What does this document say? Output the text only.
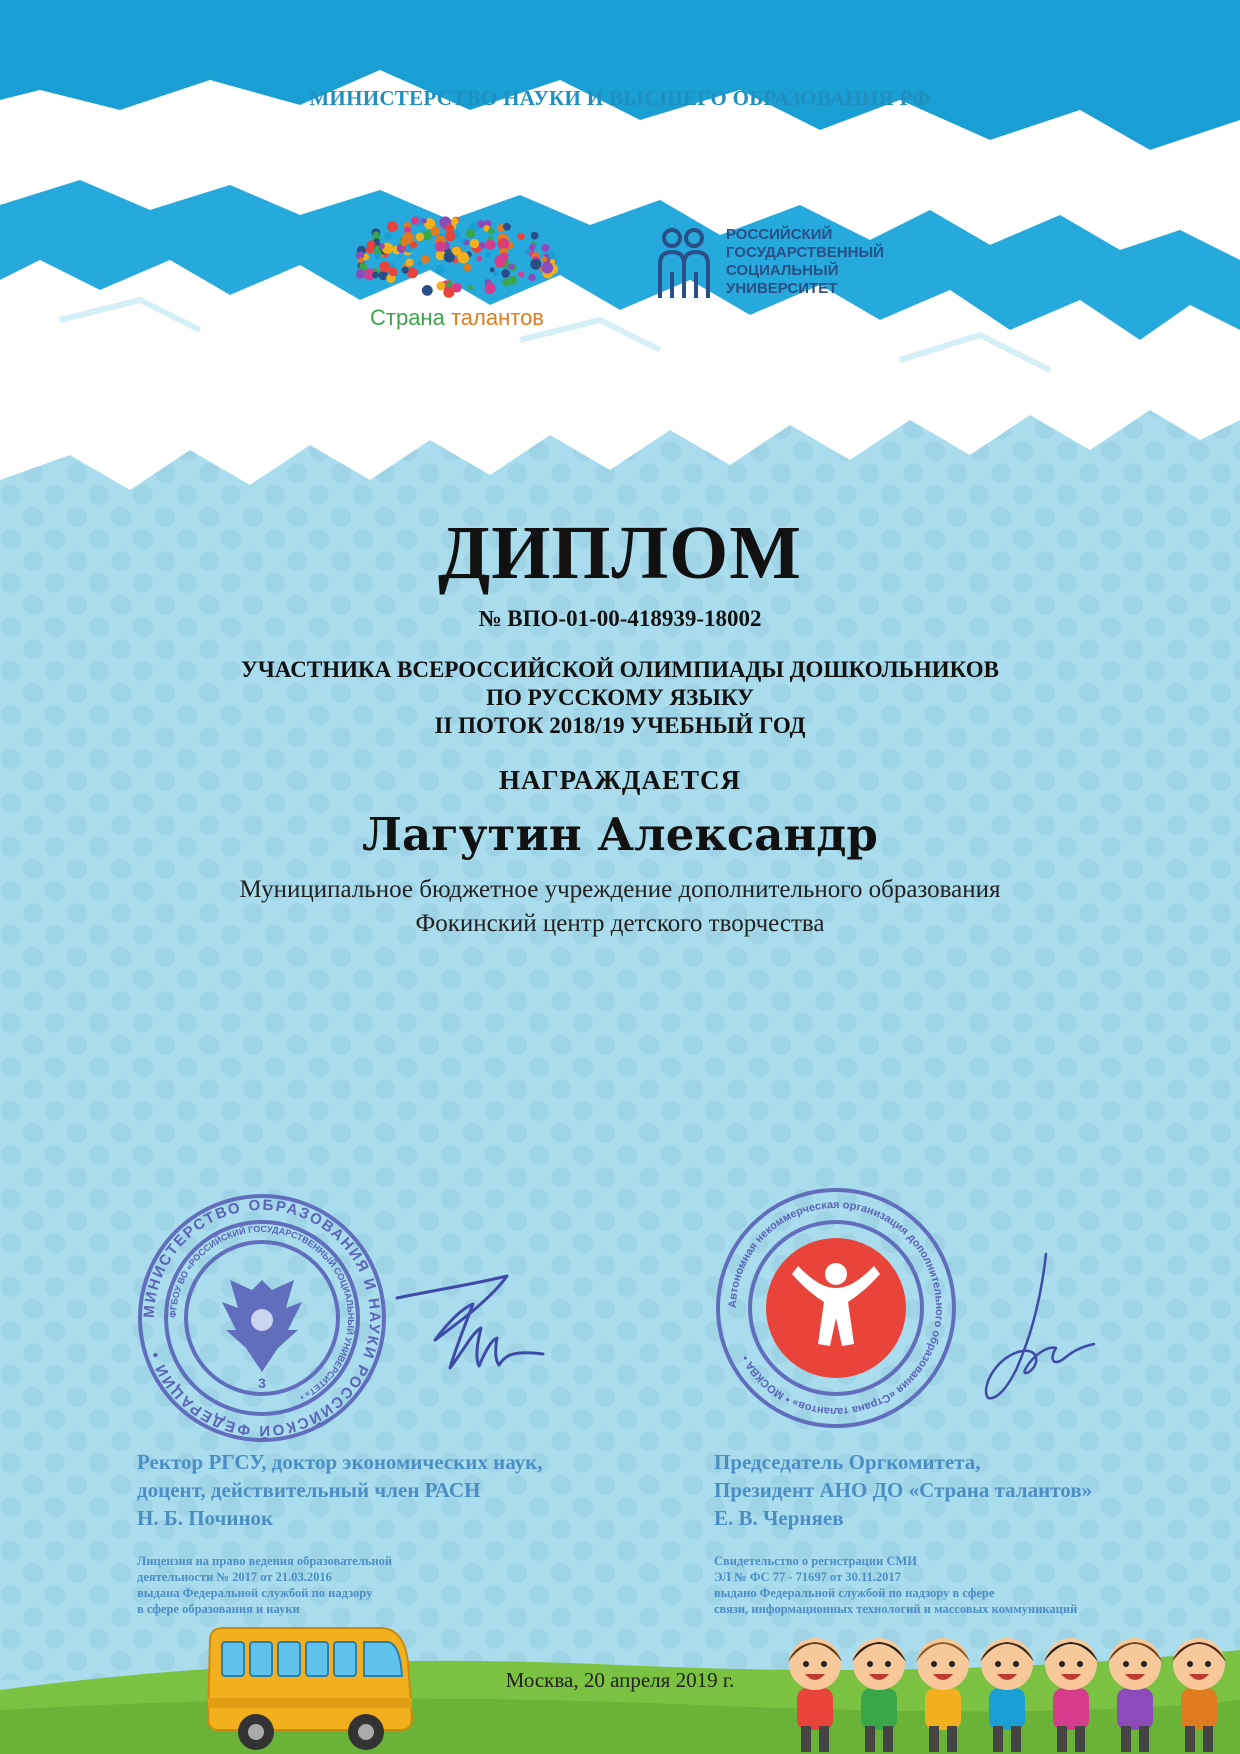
МИНИСТЕРСТВО НАУКИ И ВЫСШЕГО ОБРАЗОВАНИЯ РФ
Страна талантов
РОССИЙСКИЙ
ГОСУДАРСТВЕННЫЙ
СОЦИАЛЬНЫЙ
УНИВЕРСИТЕТ
ДИПЛОМ
№ ВПО-01-00-418939-18002
УЧАСТНИКА ВСЕРОССИЙСКОЙ ОЛИМПИАДЫ ДОШКОЛЬНИКОВ
ПО РУССКОМУ ЯЗЫКУ
II ПОТОК 2018/19 УЧЕБНЫЙ ГОД
НАГРАЖДАЕТСЯ
Лагутин Александр
Муниципальное бюджетное учреждение дополнительного образования
Фокинский центр детского творчества
МИНИСТЕРСТВО ОБРАЗОВАНИЯ И НАУКИ РОССИЙСКОЙ ФЕДЕРАЦИИ •
ФГБОУ ВО «РОССИЙСКИЙ ГОСУДАРСТВЕННЫЙ СОЦИАЛЬНЫЙ УНИВЕРСИТЕТ» •
3
Автономная некоммерческая организация дополнительного образования «Страна талантов» • МОСКВА •
Ректор РГСУ, доктор экономических наук,
доцент, действительный член РАСН
Н. Б. Починок
Председатель Оргкомитета,
Президент АНО ДО «Страна талантов»
Е. В. Черняев
Лицензия на право ведения образовательной
деятельности № 2017 от 21.03.2016
выдана Федеральной службой по надзору
в сфере образования и науки
Свидетельство о регистрации СМИ
ЭЛ № ФС 77 - 71697 от 30.11.2017
выдано Федеральной службой по надзору в сфере
связи, информационных технологий и массовых коммуникаций
Москва, 20 апреля 2019 г.
